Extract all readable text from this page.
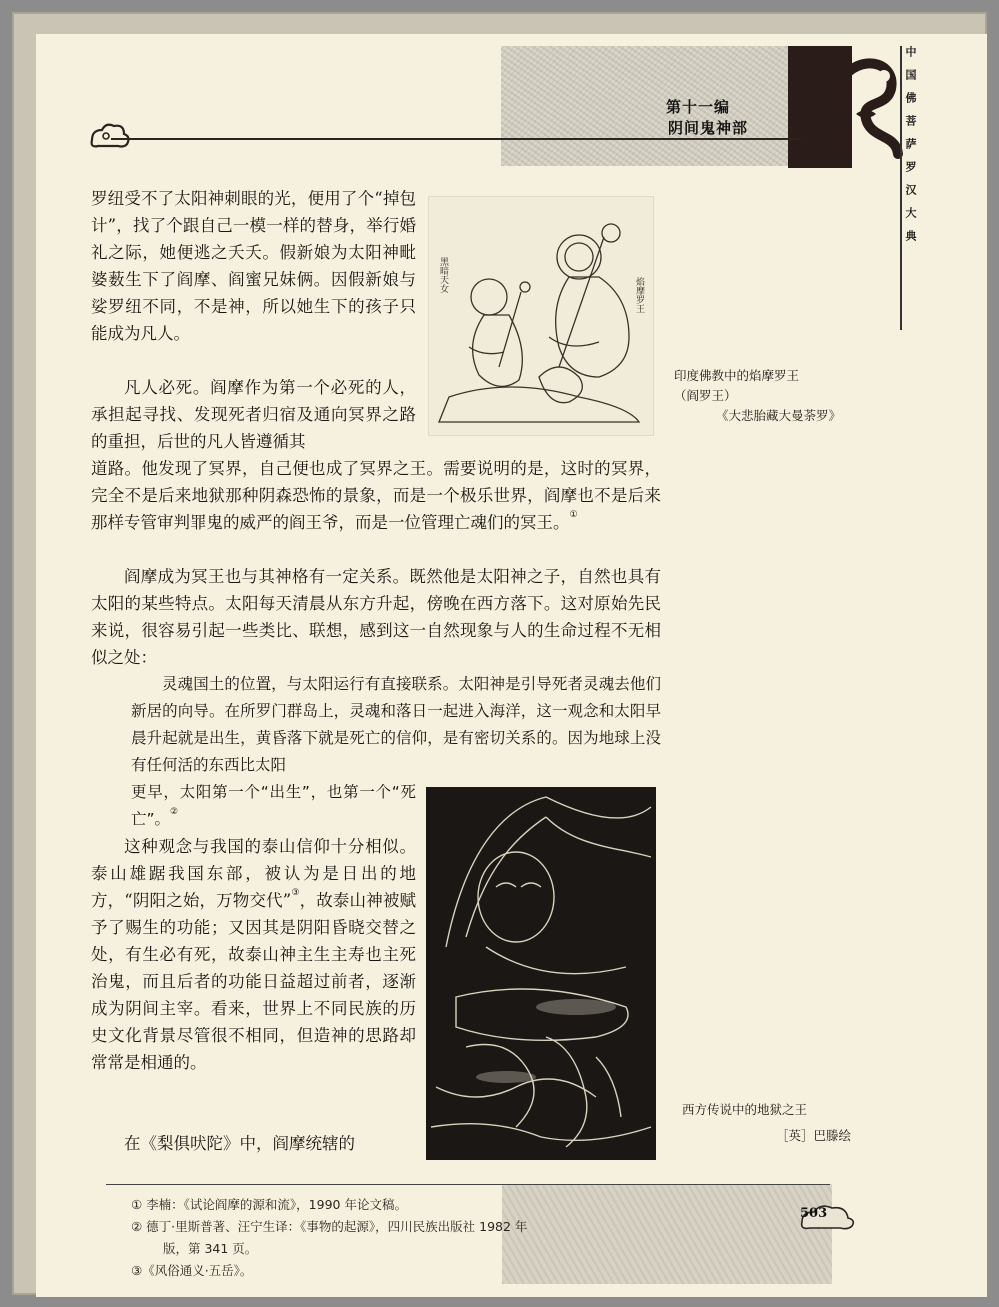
第十一编
阴间鬼神部	中国佛菩萨罗汉大典

罗纽受不了太阳神刺眼的光，便用了个“掉包计”，找了个跟自己一模一样的替身，举行婚礼之际，她便逃之夭夭。假新娘为太阳神毗婆薮生下了阎摩、阎蜜兄妹俩。因假新娘与娑罗纽不同，不是神，所以她生下的孩子只能成为凡人。

凡人必死。阎摩作为第一个必死的人，承担起寻找、发现死者归宿及通向冥界之路的重担，后世的凡人皆遵循其

道路。他发现了冥界，自己便也成了冥界之王。需要说明的是，这时的冥界，完全不是后来地狱那种阴森恐怖的景象，而是一个极乐世界，阎摩也不是后来那样专管审判罪鬼的威严的阎王爷，而是一位管理亡魂们的冥王。①

阎摩成为冥王也与其神格有一定关系。既然他是太阳神之子，自然也具有太阳的某些特点。太阳每天清晨从东方升起，傍晚在西方落下。这对原始先民来说，很容易引起一些类比、联想，感到这一自然现象与人的生命过程不无相似之处：

灵魂国土的位置，与太阳运行有直接联系。太阳神是引导死者灵魂去他们新居的向导。在所罗门群岛上，灵魂和落日一起进入海洋，这一观念和太阳早晨升起就是出生，黄昏落下就是死亡的信仰，是有密切关系的。因为地球上没有任何活的东西比太阳

更早，太阳第一个“出生”，也第一个“死亡”。②

这种观念与我国的泰山信仰十分相似。泰山雄踞我国东部，被认为是日出的地方，“阴阳之始，万物交代”③，故泰山神被赋予了赐生的功能；又因其是阴阳昏晓交替之处，有生必有死，故泰山神主生主寿也主死治鬼，而且后者的功能日益超过前者，逐渐成为阴间主宰。看来，世界上不同民族的历史文化背景尽管很不相同，但造神的思路却常常是相通的。

在《梨俱吠陀》中，阎摩统辖的

黑暗天女
焰摩罗王
印度佛教中的焰摩罗王
（阎罗王）
《大悲胎藏大曼荼罗》
西方传说中的地狱之王
［英］巴滕绘
① 李楠：《试论阎摩的源和流》，1990 年论文稿。
② 德丁·里斯普著、汪宁生译：《事物的起源》，四川民族出版社 1982 年
版，第 341 页。
③《风俗通义·五岳》。
503
